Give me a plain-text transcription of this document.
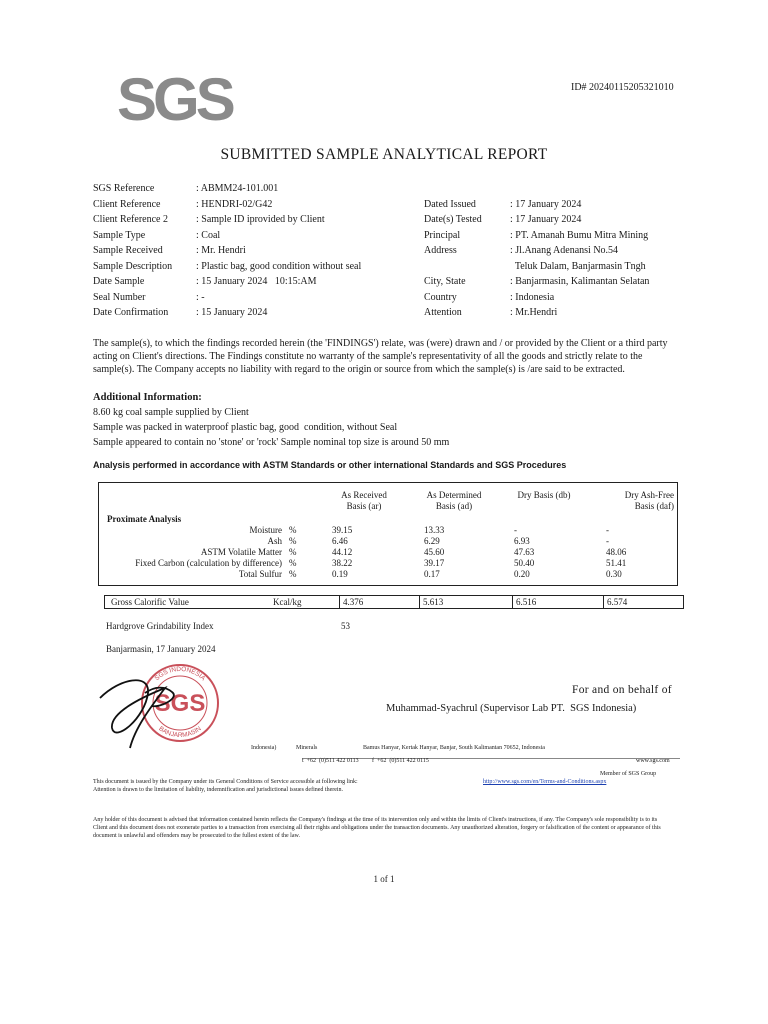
SGS	ID# 20240115205321010
SUBMITTED SAMPLE ANALYTICAL REPORT
SGS Reference	: ABMM24-101.001
Client Reference	: HENDRI-02/G42
Client Reference 2	: Sample ID iprovided by Client
Sample Type	: Coal
Sample Received	: Mr. Hendri
Sample Description : Plastic bag, good condition without seal
Date Sample	: 15 January 2024   10:15:AM
Seal Number	: -
Date Confirmation	: 15 January 2024
Dated Issued	: 17 January 2024
Date(s) Tested	: 17 January 2024
Principal	: PT. Amanah Bumu Mitra Mining
Address	: Jl.Anang Adenansi No.54
Teluk Dalam, Banjarmasin Tngh
City, State	: Banjarmasin, Kalimantan Selatan
Country	: Indonesia
Attention	: Mr.Hendri
The sample(s), to which the findings recorded herein (the 'FINDINGS') relate, was (were) drawn and / or provided by the Client or a third party acting on Client's directions. The Findings constitute no warranty of the sample's representativity of all the goods and strictly relate to the sample(s). The Company accepts no liability with regard to the origin or source from which the sample(s) is /are said to be extracted.
Additional Information:
8.60 kg coal sample supplied by Client
Sample was packed in waterproof plastic bag, good  condition, without Seal
Sample appeared to contain no 'stone' or 'rock' Sample nominal top size is around 50 mm
Analysis performed in accordance with ASTM Standards or other international Standards and SGS Procedures
As Received
Basis (ar)
As Determined
Basis (ad)
Dry Basis (db)	Dry Ash-Free
Basis (daf)
Proximate Analysis
Moisture %	39.15	13.33	-	-
Ash %	6.46	6.29	6.93	-
ASTM Volatile Matter %	44.12	45.60	47.63	48.06
Fixed Carbon (calculation by difference) %	38.22	39.17	50.40	51.41
Total Sulfur %	0.19	0.17	0.20	0.30
Gross Calorific Value	Kcal/kg	4.376	5.613	6.516	6.574
Hardgrove Grindability Index	53
Banjarmasin, 17 January 2024
SGS INDONESIA
BANJARMASIN
SGS	For and on behalf of
Muhammad-Syachrul (Supervisor Lab PT.  SGS Indonesia)
Indonesia)	Minerals	Bamus Hanyar, Kertak Hanyar, Banjar, South Kalimantan 70652, Indonesia
t  +62  (0)511 422 0113 f  +62  (0)511 422 0115	www.sgs.com
Member of SGS Group
This document is issued by the Company under its General Conditions of Service accessible at following link:	http://www.sgs.com/en/Terms-and-Conditions.aspx
Attention is drawn to the limitation of liability, indemnification and jurisdictional issues defined therein.
Any holder of this document is advised that information contained herein reflects the Company's findings at the time of its intervention only and within the limits of Client's instructions, if any. The Company's sole responsibility is to its Client and this document does not exonerate parties to a transaction from exercising all their rights and obligations under the transaction documents. Any unauthorized alteration, forgery or falsification of the content or appearance of this document is unlawful and offenders may be prosecuted to the fullest extent of the law.
1 of 1
